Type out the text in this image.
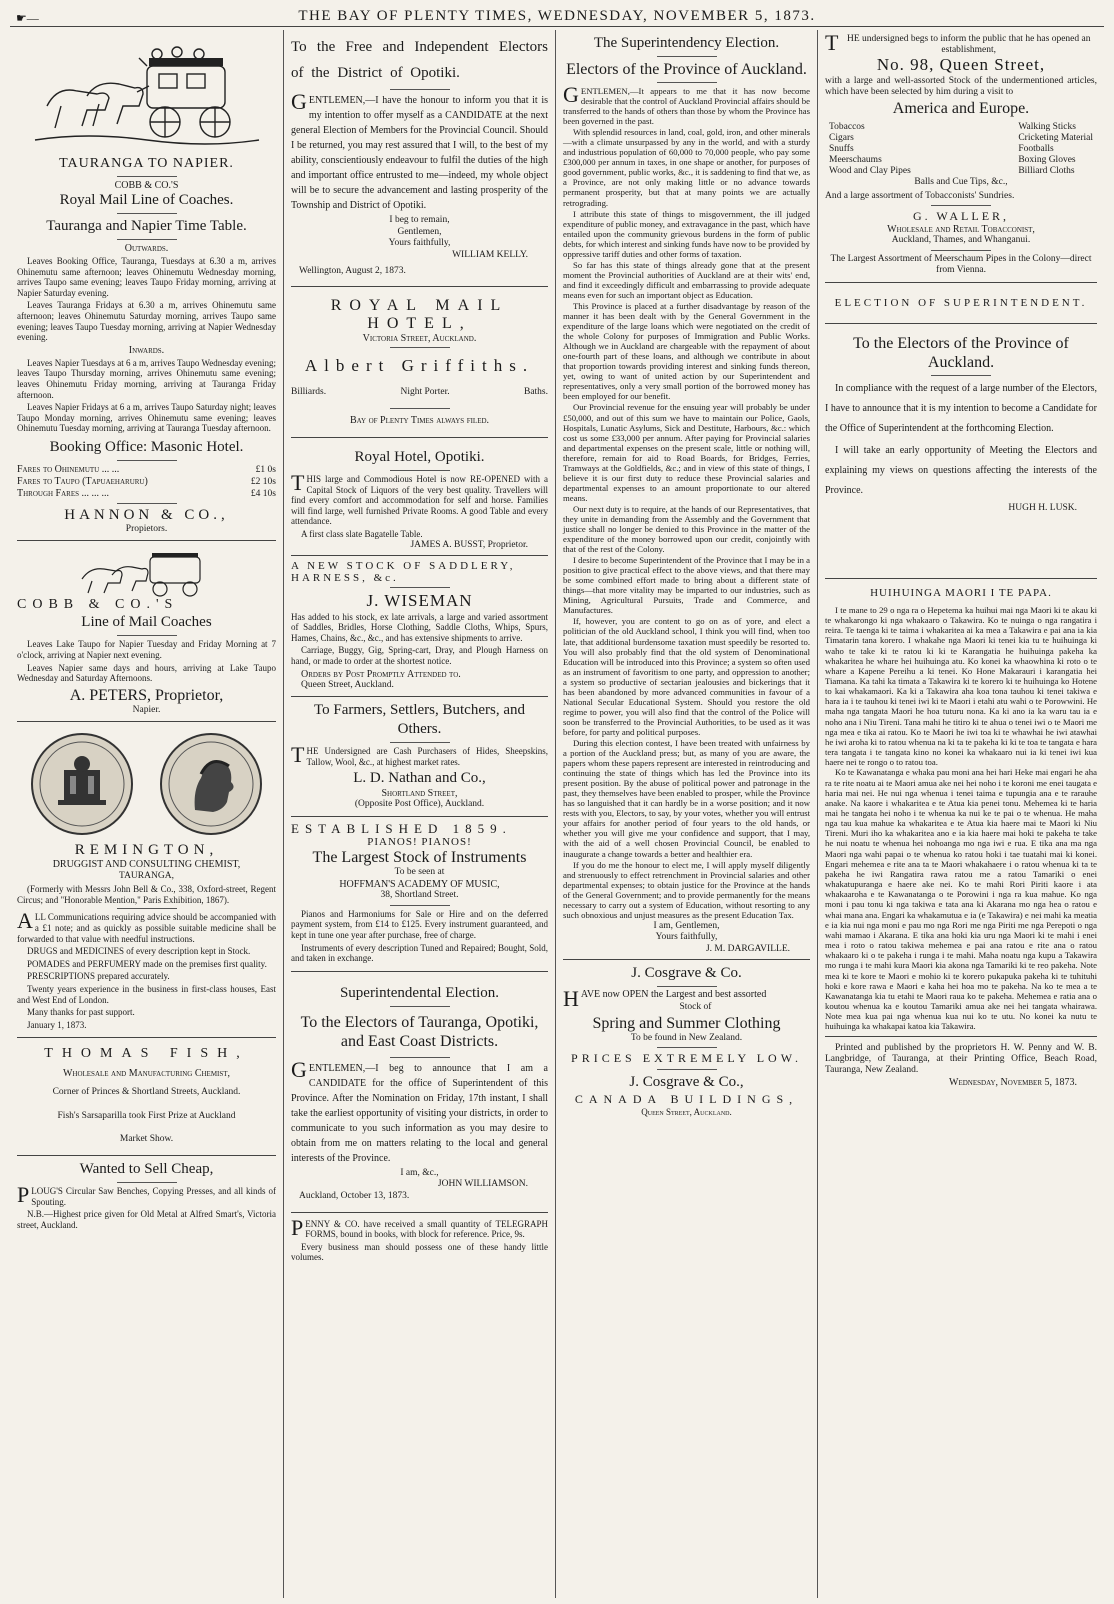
☛—	THE BAY OF PLENTY TIMES, WEDNESDAY, NOVEMBER 5, 1873.
TAURANGA TO NAPIER.
COBB & CO.'S
Royal Mail Line of Coaches.
Tauranga and Napier Time Table.
Outwards.

Leaves Booking Office, Tauranga, Tuesdays at 6.30 a m, arrives Ohinemutu same afternoon; leaves Ohinemutu Wednesday morning, arrives Taupo same evening; leaves Taupo Friday morning, arriving at Napier Saturday evening.

Leaves Tauranga Fridays at 6.30 a m, arrives Ohinemutu same afternoon; leaves Ohinemutu Saturday morning, arrives Taupo same evening; leaves Taupo Tuesday morning, arriving at Napier Wednesday evening.

Inwards.

Leaves Napier Tuesdays at 6 a m, arrives Taupo Wednesday evening; leaves Taupo Thursday morning, arrives Ohinemutu same evening; leaves Ohinemutu Friday morning, arriving at Tauranga Friday afternoon.

Leaves Napier Fridays at 6 a m, arrives Taupo Saturday night; leaves Taupo Monday morning, arrives Ohinemutu same evening; leaves Ohinemutu Tuesday morning, arriving at Tauranga Tuesday afternoon.

Booking Office: Masonic Hotel.
Fares to Ohinemutu ... ...	£1 0s
Fares to Taupo (Tapuaeharuru)	£2 10s
Through Fares ... ... ...	£4 10s
HANNON & CO.,
Propietors.
COBB & CO.'S
Line of Mail Coaches

Leaves Lake Taupo for Napier Tuesday and Friday Morning at 7 o'clock, arriving at Napier next evening.

Leaves Napier same days and hours, arriving at Lake Taupo Wednesday and Saturday Afternoons.

A. PETERS, Proprietor,
Napier.
REMINGTON,
DRUGGIST AND CONSULTING CHEMIST,
TAURANGA,

(Formerly with Messrs John Bell & Co., 338, Oxford-street, Regent Circus; and "Honorable Mention," Paris Exhibition, 1867).

ALL Communications requiring advice should be accompanied with a £1 note; and as quickly as possible suitable medicine shall be forwarded to that value with needful instructions.

DRUGS and MEDICINES of every description kept in Stock.

POMADES and PERFUMERY made on the premises first quality.

PRESCRIPTIONS prepared accurately.

Twenty years experience in the business in first-class houses, East and West End of London.

Many thanks for past support.

January 1, 1873.

THOMAS FISH,
Wholesale and Manufacturing Chemist,
Corner of Princes & Shortland Streets, Auckland.
Fish's Sarsaparilla took First Prize at Auckland
Market Show.
Wanted to Sell Cheap,

PLOUG'S Circular Saw Benches, Copying Presses, and all kinds of Spouting.

N.B.—Highest price given for Old Metal at Alfred Smart's, Victoria street, Auckland.

To the Free and Independent Electors of the District of Opotiki.

GENTLEMEN,—I have the honour to inform you that it is my intention to offer myself as a CANDIDATE at the next general Election of Members for the Provincial Council. Should I be returned, you may rest assured that I will, to the best of my ability, conscientiously endeavour to fulfil the duties of the high and important office entrusted to me—indeed, my whole object will be to secure the advancement and lasting prosperity of the Township and District of Opotiki.

I beg to remain,
Gentlemen,
Yours faithfully,
WILLIAM KELLY.
Wellington, August 2, 1873.
ROYAL MAIL HOTEL,
Victoria Street, Auckland.
Albert Griffiths.
Billiards.	Night Porter.	Baths.
Bay of Plenty Times always filed.
Royal Hotel, Opotiki.

THIS large and Commodious Hotel is now RE-OPENED with a Capital Stock of Liquors of the very best quality. Travellers will find every comfort and accommodation for self and horse. Families will find large, well furnished Private Rooms. A good Table and every attendance.

A first class slate Bagatelle Table.

JAMES A. BUSST, Proprietor.
A NEW STOCK OF SADDLERY, HARNESS, &c.
J. WISEMAN

Has added to his stock, ex late arrivals, a large and varied assortment of Saddles, Bridles, Horse Clothing, Saddle Cloths, Whips, Spurs, Hames, Chains, &c., &c., and has extensive shipments to arrive.

Carriage, Buggy, Gig, Spring-cart, Dray, and Plough Harness on hand, or made to order at the shortest notice.

Orders by Post Promptly Attended to.
Queen Street, Auckland.
To Farmers, Settlers, Butchers, and Others.

THE Undersigned are Cash Purchasers of Hides, Sheepskins, Tallow, Wool, &c., at highest market rates.

L. D. Nathan and Co.,
Shortland Street,
(Opposite Post Office), Auckland.
ESTABLISHED 1859.
PIANOS! PIANOS!
The Largest Stock of Instruments
To be seen at
HOFFMAN'S ACADEMY OF MUSIC,
38, Shortland Street.

Pianos and Harmoniums for Sale or Hire and on the deferred payment system, from £14 to £125. Every instrument guaranteed, and kept in tune one year after purchase, free of charge.

Instruments of every description Tuned and Repaired; Bought, Sold, and taken in exchange.

Superintendental Election.
To the Electors of Tauranga, Opotiki, and East Coast Districts.

GENTLEMEN,—I beg to announce that I am a CANDIDATE for the office of Superintendent of this Province. After the Nomination on Friday, 17th instant, I shall take the earliest opportunity of visiting your districts, in order to communicate to you such information as you may desire to obtain from me on matters relating to the local and general interests of the Province.

I am, &c.,
JOHN WILLIAMSON.
Auckland, October 13, 1873.

PENNY & CO. have received a small quantity of TELEGRAPH FORMS, bound in books, with block for reference. Price, 9s.

Every business man should possess one of these handy little volumes.

The Superintendency Election.
Electors of the Province of Auckland.

GENTLEMEN,—It appears to me that it has now become desirable that the control of Auckland Provincial affairs should be transferred to the hands of others than those by whom the Province has been governed in the past.

With splendid resources in land, coal, gold, iron, and other minerals—with a climate unsurpassed by any in the world, and with a sturdy and industrious population of 60,000 to 70,000 people, who pay some £300,000 per annum in taxes, in one shape or another, for purposes of good government, public works, &c., it is saddening to find that we, as a Province, are not only making little or no advance towards permanent prosperity, but that at many points we are actually retrograding.

I attribute this state of things to misgovernment, the ill judged expenditure of public money, and extravagance in the past, which have entailed upon the community grievous burdens in the form of public debts, for which interest and sinking funds have now to be provided by oppressive tariff duties and other forms of taxation.

So far has this state of things already gone that at the present moment the Provincial authorities of Auckland are at their wits' end, and find it exceedingly difficult and embarrassing to provide adequate means even for such an important object as Education.

This Province is placed at a further disadvantage by reason of the manner it has been dealt with by the General Government in the expenditure of the large loans which were negotiated on the credit of the whole Colony for purposes of Immigration and Public Works. Although we in Auckland are chargeable with the repayment of about one-fourth part of these loans, and although we contribute in about that proportion towards providing interest and sinking funds thereon, yet, owing to want of united action by our Superintendent and representatives, only a very small portion of the borrowed money has been employed for our benefit.

Our Provincial revenue for the ensuing year will probably be under £50,000, and out of this sum we have to maintain our Police, Gaols, Hospitals, Lunatic Asylums, Sick and Destitute, Harbours, &c.: which cost us some £33,000 per annum. After paying for Provincial salaries and departmental expenses on the present scale, little or nothing will, therefore, remain for aid to Road Boards, for Bridges, Ferries, Tramways at the Goldfields, &c.; and in view of this state of things, I believe it is our first duty to reduce these Provincial salaries and departmental expenses to an amount proportionate to our altered means.

Our next duty is to require, at the hands of our Representatives, that they unite in demanding from the Assembly and the Government that justice shall no longer be denied to this Province in the matter of the expenditure of the money borrowed upon our credit, conjointly with that of the rest of the Colony.

I desire to become Superintendent of the Province that I may be in a position to give practical effect to the above views, and that there may be some combined effort made to bring about a different state of things—that more vitality may be imparted to our industries, such as Mining, Agricultural Pursuits, Trade and Commerce, and Manufactures.

If, however, you are content to go on as of yore, and elect a politician of the old Auckland school, I think you will find, when too late, that additional burdensome taxation must speedily be resorted to. You will also probably find that the old system of Denominational Education will be introduced into this Province; a system so often used as an instrument of favoritism to one party, and oppression to another; a system so productive of sectarian jealousies and bickerings that it has been abandoned by more advanced communities in favour of a National Secular Educational System. Should you restore the old regime to power, you will also find that the control of the Police will soon be transferred to the Provincial Authorities, to be used as it was before, for party and political purposes.

During this election contest, I have been treated with unfairness by a portion of the Auckland press; but, as many of you are aware, the papers whom these papers represent are interested in reintroducing and continuing the state of things which has led the Province into its present position. By the abuse of political power and patronage in the past, they themselves have been enabled to prosper, while the Province has so languished that it can hardly be in a worse position; and it now rests with you, Electors, to say, by your votes, whether you will entrust your affairs for another period of four years to the old hands, or whether you will give me your confidence and support, that I may, with the aid of a well chosen Provincial Council, be enabled to inaugurate a change towards a better and healthier era.

If you do me the honour to elect me, I will apply myself diligently and strenuously to effect retrenchment in Provincial salaries and other departmental expenses; to obtain justice for the Province at the hands of the General Government; and to provide permanently for the means necessary to carry out a system of Education, without resorting to any such obnoxious and unjust measures as the present Education Tax.

I am, Gentlemen,
Yours faithfully,
J. M. DARGAVILLE.
J. Cosgrave & Co.

HAVE now OPEN the Largest and best assorted

Stock of
Spring and Summer Clothing
To be found in New Zealand.
PRICES EXTREMELY LOW.
J. Cosgrave & Co.,
CANADA BUILDINGS,
Queen Street, Auckland.

THE undersigned begs to inform the public that he has opened an establishment,

No. 98, Queen Street,

with a large and well-assorted Stock of the undermentioned articles, which have been selected by him during a visit to

America and Europe.
Tobaccos
Cigars
Snuffs
Meerschaums
Wood and Clay Pipes
Walking Sticks
Cricketing Material
Footballs
Boxing Gloves
Billiard Cloths
Balls and Cue Tips, &c.,
And a large assortment of Tobacconists' Sundries.
G. WALLER,
Wholesale and Retail Tobacconist,
Auckland, Thames, and Whanganui.
The Largest Assortment of Meerschaum Pipes in the Colony—direct from Vienna.
ELECTION OF SUPERINTENDENT.
To the Electors of the Province of Auckland.

In compliance with the request of a large number of the Electors, I have to announce that it is my intention to become a Candidate for the Office of Superintendent at the forthcoming Election.

I will take an early opportunity of Meeting the Electors and explaining my views on questions affecting the interests of the Province.

HUGH H. LUSK.
HUIHUINGA MAORI I TE PAPA.

I te mane to 29 o nga ra o Hepetema ka huihui mai nga Maori ki te akau ki te whakarongo ki nga whakaaro o Takawira. Ko te nuinga o nga rangatira i reira. Te taenga ki te taima i whakaritea ai ka mea a Takawira e pai ana ia kia Timatarin tana korero. I whakahe nga Maori ki tenei kia tu te huihuinga ki waho te take ki te ratou ki ki te Karangatia he huihuinga pakeha ka whakaritea he whare hei huihuinga atu. Ko konei ka whaowhina ki roto o te whare a Kapene Pereihu a ki tenei. Ko Hone Makarauri i karangatia hei Tiamana. Ka tahi ka timata a Takawira ki te korero ki te huihuinga ko Hotene to kai whakamaori. Ka ki a Takawira aha koa tona tauhou ki tenei takiwa e hara ia i te tauhou ki tenei iwi ki te Maori i etahi atu wahi o te Porowwini. He maha nga tangata Maori he hoa tuturu nona. Ka ki ano ia ka waru tau ia e noho ana i Niu Tireni. Tana mahi he titiro ki te ahua o tenei iwi o te Maori me nga mea e tika ai ratou. Ko te Maori he iwi toa ki te whawhai he iwi atawhai he iwi aroha ki to ratou whenua na ki ta te pakeha ki ki te toa te tangata e hara tera tangata i te tangata kino no konei ka whakaaro nui ia ki tenei iwi kua haere nei te rongo o to ratou toa.

Ko te Kawanatanga e whaka pau moni ana hei hari Heke mai engari he aha ra te rite noatu ai te Maori amua ake nei hei noho i te koroni me enei taugata e haria mai nei. He nui nga whenua i tenei taima e tupungia ana e te rarauhe anake. Na kaore i whakaritea e te Atua kia penei tonu. Mehemea ki te haria mai he tangata hei noho i te whenua ka nui ke te pai o te whenua. He maha nga tau kua mahue ka whakaritea e te Atua kia haere mai te Maori ki Niu Tireni. Muri iho ka whakaritea ano e ia kia haere mai hoki te pakeha te take he nui noatu te whenua hei nohoanga mo nga iwi e rua. E tika ana ma nga Maori nga wahi papai o te whenua ko ratou hoki i tae tuatahi mai ki konei. Engari mehemea e rite ana ta te Maori whakahaere i o ratou whenua ki ta te pakeha he iwi Rangatira rawa ratou me a ratou Tamariki o enei whakatupuranga e haere ake nei. Ko te mahi Rori Piriti kaore i ata whakaaroha e te Kawanatanga o te Porowini i nga ra kua mahue. Ko nga moni i pau tonu ki nga takiwa e tata ana ki Akarana mo nga hea o ratou e whai mana ana. Engari ka whakamutua e ia (e Takawira) e nei mahi ka meatia e ia kia nui nga moni e pau mo nga Rori me nga Piriti me nga Perepoti o nga wahi mamao i Akarana. E tika ana hoki kia uru nga Maori ki te mahi i enei mea i roto o ratou takiwa mehemea e pai ana ratou e rite ana o ratou whakaaro ki o te pakeha i runga i te mahi. Maha noatu nga kupu a Takawira mo runga i te mahi kura Maori kia akona nga Tamariki ki te reo pakeha. Note mea ki te kore te Maori e mohio ki te korero pukapuka pakeha ki te tuhituhi hoki e kore rawa e Maori e kaha hei hoa mo te pakeha. Na ko te mea a te Kawanatanga kia tu etahi te Maori raua ko te pakeha. Mehemea e ratia ana o koutou whenua ka e koutou Tamariki amua ake nei hei tangata whairawa. Note mea kua pai nga whenua kua nui ko te utu. No konei ka nutu te huihuinga ka whakapai katoa kia Takawira.

Printed and published by the proprietors H. W. Penny and W. B. Langbridge, of Tauranga, at their Printing Office, Beach Road, Tauranga, New Zealand.

Wednesday, November 5, 1873.
